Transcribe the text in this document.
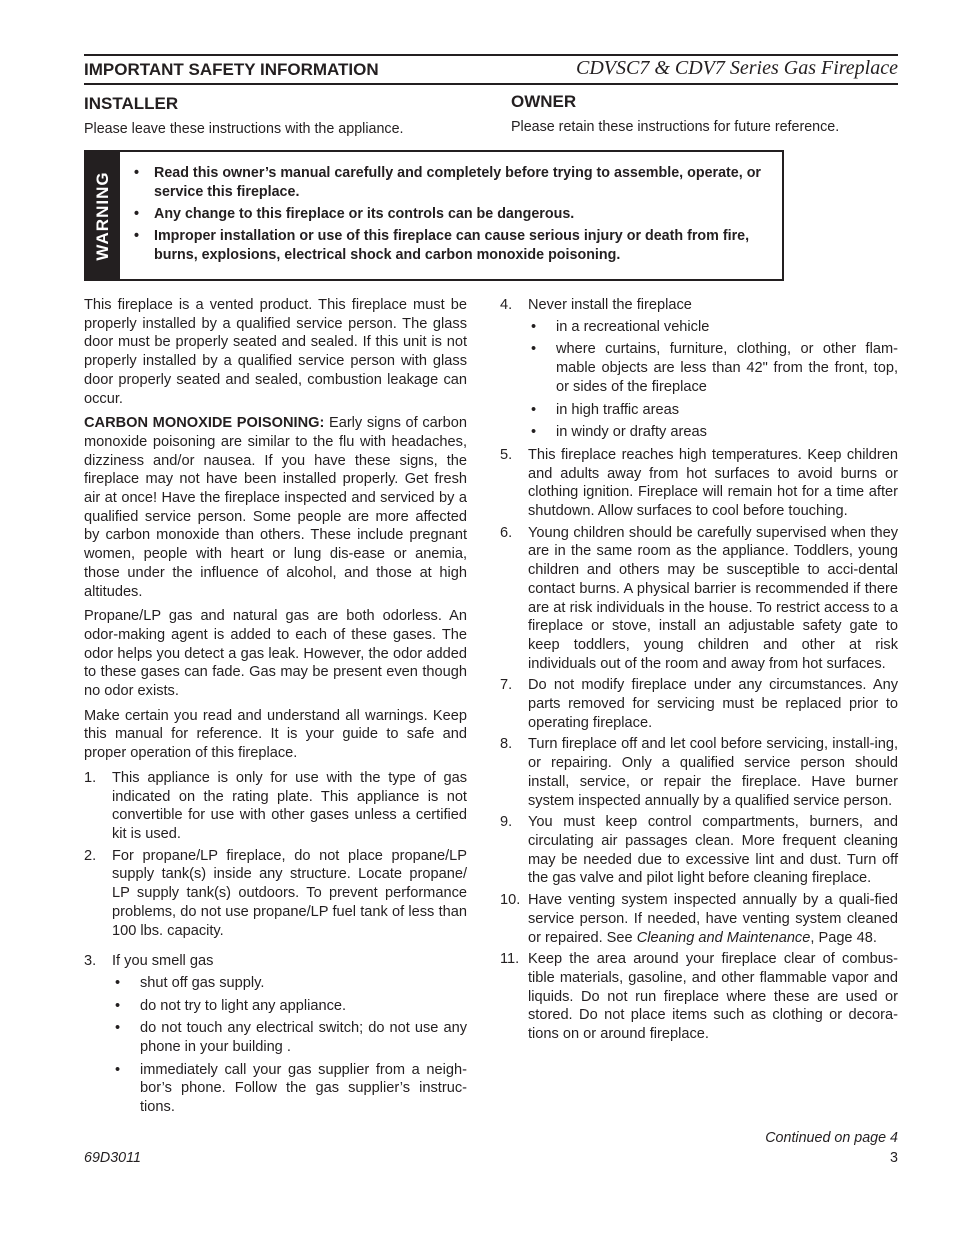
IMPORTANT SAFETY INFORMATION	CDVSC7 & CDV7 Series Gas Fireplace
INSTALLER
Please leave these instructions with the appliance.
OWNER
Please retain these instructions for future reference.
WARNING • Read this owner’s manual carefully and completely before trying to assemble, operate, or service this fireplace.
• Any change to this fireplace or its controls can be dangerous.
• Improper installation or use of this fireplace can cause serious injury or death from fire, burns, explosions, electrical shock and carbon monoxide poisoning.

This fireplace is a vented product. This fireplace must be properly installed by a qualified service person. The glass door must be properly seated and sealed. If this unit is not properly installed by a qualified service person with glass door properly seated and sealed, combustion leakage can occur.

CARBON MONOXIDE POISONING: Early signs of carbon monoxide poisoning are similar to the flu with headaches, dizziness and/or nausea. If you have these signs, the fireplace may not have been installed properly. Get fresh air at once! Have the fireplace inspected and serviced by a qualified service person. Some people are more affected by carbon monoxide than others. These include pregnant women, people with heart or lung dis-ease or anemia, those under the influence of alcohol, and those at high altitudes.

Propane/LP gas and natural gas are both odorless. An odor-making agent is added to each of these gases. The odor helps you detect a gas leak. However, the odor added to these gases can fade. Gas may be present even though no odor exists.

Make certain you read and understand all warnings. Keep this manual for reference. It is your guide to safe and proper operation of this fireplace.

1. This appliance is only for use with the type of gas indicated on the rating plate. This appliance is not convertible for use with other gases unless a certified kit is used.
2. For propane/LP fireplace, do not place propane/LP supply tank(s) inside any structure. Locate propane/ LP supply tank(s) outdoors. To prevent performance problems, do not use propane/LP fuel tank of less than 100 lbs. capacity.
3. If you smell gas
• shut off gas supply.
• do not try to light any appliance.
• do not touch any electrical switch; do not use any phone in your building .
• immediately call your gas supplier from a neigh-bor’s phone. Follow the gas supplier’s instruc-tions.
4. Never install the fireplace
• in a recreational vehicle
• where curtains, furniture, clothing, or other flam-mable objects are less than 42" from the front, top, or sides of the fireplace
• in high traffic areas
• in windy or drafty areas
5. This fireplace reaches high temperatures. Keep children and adults away from hot surfaces to avoid burns or clothing ignition. Fireplace will remain hot for a time after shutdown. Allow surfaces to cool before touching.
6. Young children should be carefully supervised when they are in the same room as the appliance. Toddlers, young children and others may be susceptible to acci-dental contact burns. A physical barrier is recommended if there are at risk individuals in the house. To restrict access to a fireplace or stove, install an adjustable safety gate to keep toddlers, young children and other at risk individuals out of the room and away from hot surfaces.
7. Do not modify fireplace under any circumstances. Any parts removed for servicing must be replaced prior to operating fireplace.
8. Turn fireplace off and let cool before servicing, install-ing, or repairing. Only a qualified service person should install, service, or repair the fireplace. Have burner system inspected annually by a qualified service person.
9. You must keep control compartments, burners, and circulating air passages clean. More frequent cleaning may be needed due to excessive lint and dust. Turn off the gas valve and pilot light before cleaning fireplace.
10. Have venting system inspected annually by a quali-fied service person. If needed, have venting system cleaned or repaired. See Cleaning and Maintenance, Page 48.
11. Keep the area around your fireplace clear of combus-tible materials, gasoline, and other flammable vapor and liquids. Do not run fireplace where these are used or stored. Do not place items such as clothing or decora-tions on or around fireplace.
Continued on page 4
69D3011	3
